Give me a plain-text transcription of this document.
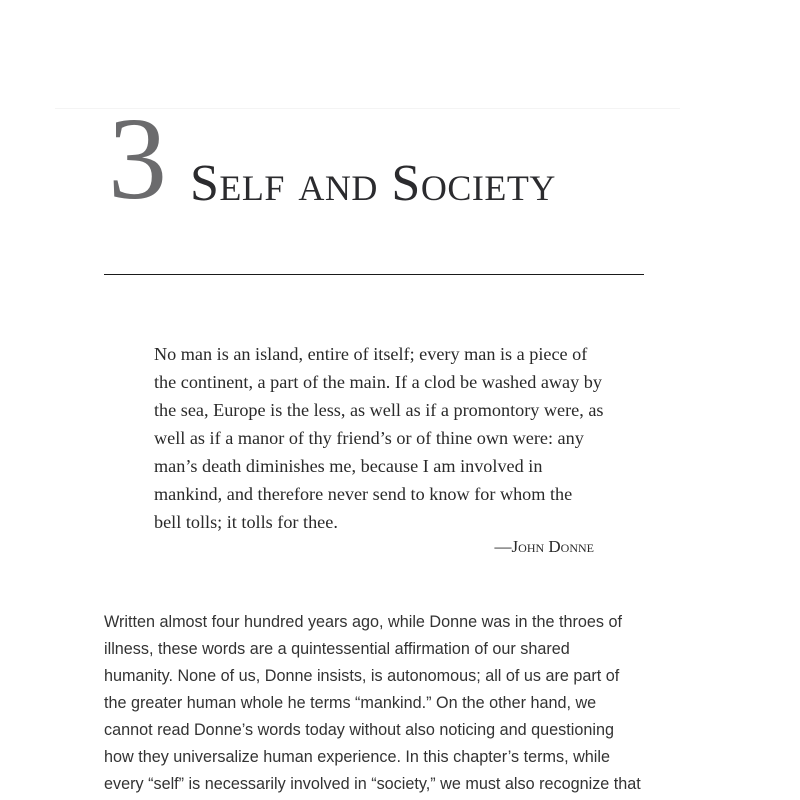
3 Self and Society
No man is an island, entire of itself; every man is a piece of
the continent, a part of the main. If a clod be washed away by
the sea, Europe is the less, as well as if a promontory were, as
well as if a manor of thy friend’s or of thine own were: any
man’s death diminishes me, because I am involved in
mankind, and therefore never send to know for whom the
bell tolls; it tolls for thee.
—John Donne
Written almost four hundred years ago, while Donne was in the throes of
illness, these words are a quintessential affirmation of our shared
humanity. None of us, Donne insists, is autonomous; all of us are part of
the greater human whole he terms “mankind.” On the other hand, we
cannot read Donne’s words today without also noticing and questioning
how they universalize human experience. In this chapter’s terms, while
every “self” is necessarily involved in “society,” we must also recognize that
